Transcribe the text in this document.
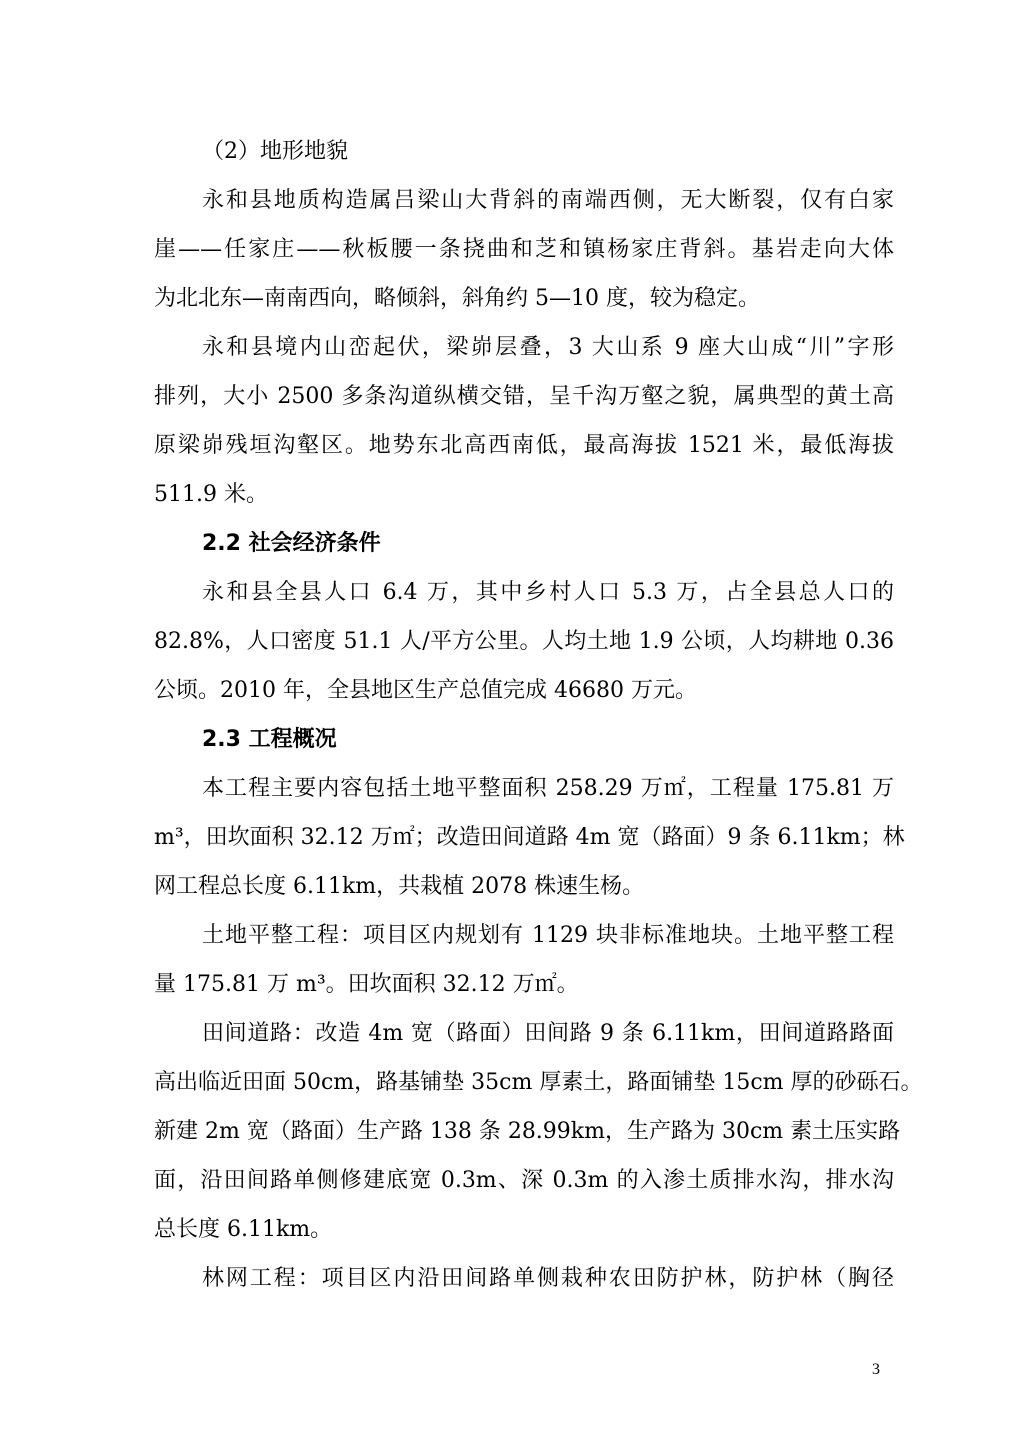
（2）地形地貌
永和县地质构造属吕梁山大背斜的南端西侧，无大断裂，仅有白家
崖——任家庄——秋板腰一条挠曲和芝和镇杨家庄背斜。基岩走向大体
为北北东—南南西向，略倾斜，斜角约 5—10 度，较为稳定。
永和县境内山峦起伏，梁峁层叠，3 大山系 9 座大山成“川”字形
排列，大小 2500 多条沟道纵横交错，呈千沟万壑之貌，属典型的黄土高
原梁峁残垣沟壑区。地势东北高西南低，最高海拔 1521 米，最低海拔
511.9 米。
2.2 社会经济条件
永和县全县人口 6.4 万，其中乡村人口 5.3 万，占全县总人口的
82.8%，人口密度 51.1 人/平方公里。人均土地 1.9 公顷，人均耕地 0.36
公顷。2010 年，全县地区生产总值完成 46680 万元。
2.3 工程概况
本工程主要内容包括土地平整面积 258.29 万㎡，工程量 175.81 万
m³，田坎面积 32.12 万㎡；改造田间道路 4m 宽（路面）9 条 6.11km；林
网工程总长度 6.11km，共栽植 2078 株速生杨。
土地平整工程：项目区内规划有 1129 块非标准地块。土地平整工程
量 175.81 万 m³。田坎面积 32.12 万㎡。
田间道路：改造 4m 宽（路面）田间路 9 条 6.11km，田间道路路面
高出临近田面 50cm，路基铺垫 35cm 厚素土，路面铺垫 15cm 厚的砂砾石。
新建 2m 宽（路面）生产路 138 条 28.99km，生产路为 30cm 素土压实路
面，沿田间路单侧修建底宽 0.3m、深 0.3m 的入渗土质排水沟，排水沟
总长度 6.11km。
林网工程：项目区内沿田间路单侧栽种农田防护林，防护林（胸径
3
